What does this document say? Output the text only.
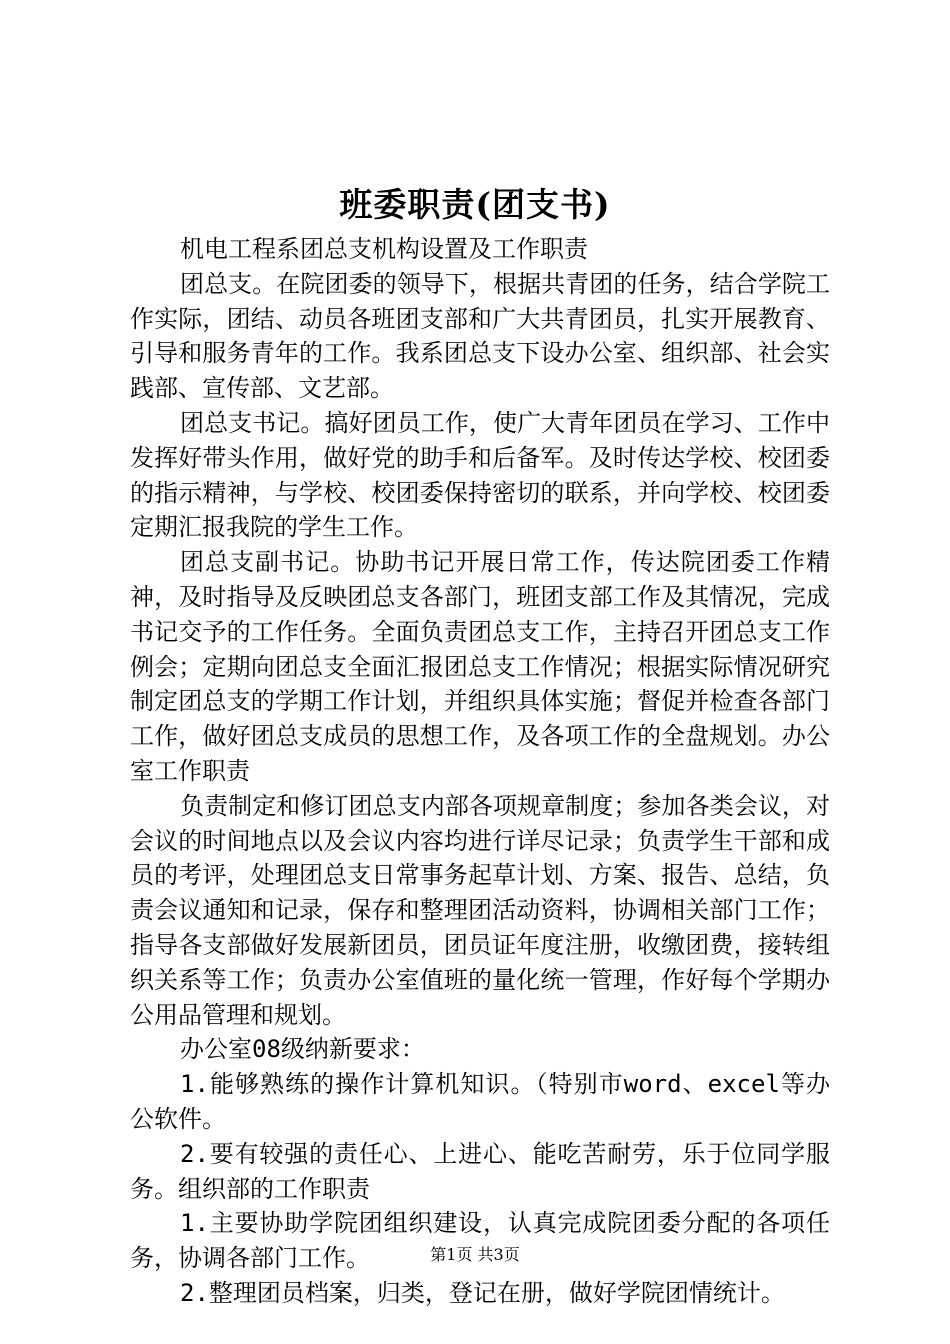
班委职责(团支书)

机电工程系团总支机构设置及工作职责

团总支。在院团委的领导下，根据共青团的任务，结合学院工作实际，团结、动员各班团支部和广大共青团员，扎实开展教育、引导和服务青年的工作。我系团总支下设办公室、组织部、社会实践部、宣传部、文艺部。

团总支书记。搞好团员工作，使广大青年团员在学习、工作中发挥好带头作用，做好党的助手和后备军。及时传达学校、校团委的指示精神，与学校、校团委保持密切的联系，并向学校、校团委定期汇报我院的学生工作。

团总支副书记。协助书记开展日常工作，传达院团委工作精神，及时指导及反映团总支各部门，班团支部工作及其情况，完成书记交予的工作任务。全面负责团总支工作，主持召开团总支工作例会；定期向团总支全面汇报团总支工作情况；根据实际情况研究制定团总支的学期工作计划，并组织具体实施；督促并检查各部门工作，做好团总支成员的思想工作，及各项工作的全盘规划。办公室工作职责

负责制定和修订团总支内部各项规章制度；参加各类会议，对会议的时间地点以及会议内容均进行详尽记录；负责学生干部和成员的考评，处理团总支日常事务起草计划、方案、报告、总结，负责会议通知和记录，保存和整理团活动资料，协调相关部门工作；指导各支部做好发展新团员，团员证年度注册，收缴团费，接转组织关系等工作；负责办公室值班的量化统一管理，作好每个学期办公用品管理和规划。

办公室08级纳新要求：

1.能够熟练的操作计算机知识。（特别市word、excel等办公软件。

2.要有较强的责任心、上进心、能吃苦耐劳，乐于位同学服务。组织部的工作职责

1.主要协助学院团组织建设，认真完成院团委分配的各项任务，协调各部门工作。

2.整理团员档案，归类，登记在册，做好学院团情统计。

第1页 共3页
